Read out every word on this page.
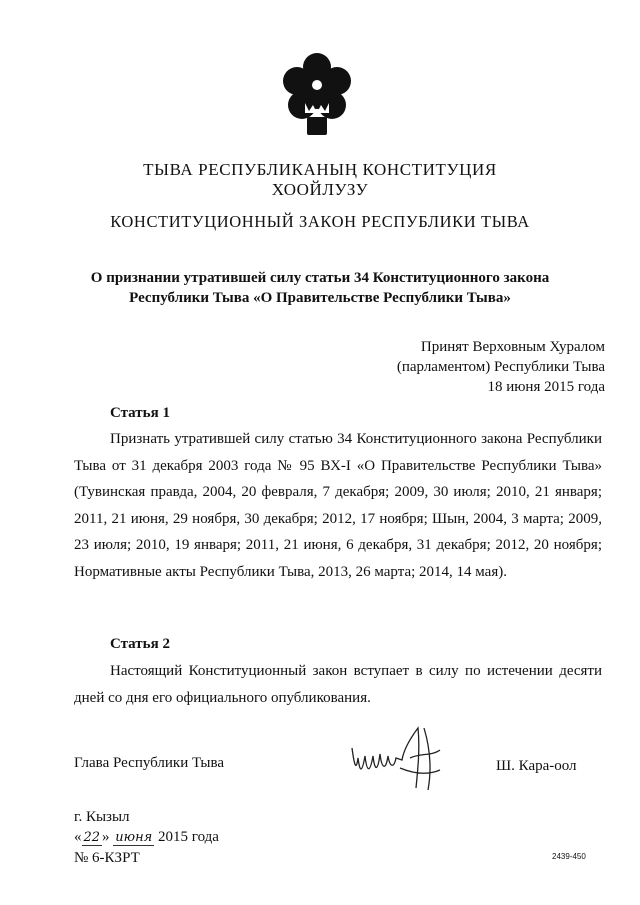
ТЫВА РЕСПУБЛИКАНЫҢ КОНСТИТУЦИЯ
ХООЙЛУЗУ
КОНСТИТУЦИОННЫЙ ЗАКОН РЕСПУБЛИКИ ТЫВА
О признании утратившей силу статьи 34 Конституционного закона
Республики Тыва «О Правительстве Республики Тыва»
Принят Верховным Хуралом
(парламентом) Республики Тыва
18 июня 2015 года
Статья 1
Признать утратившей силу статью 34 Конституционного закона Республики Тыва от 31 декабря 2003 года № 95 ВХ-I «О Правительстве Республики Тыва» (Тувинская правда, 2004, 20 февраля, 7 декабря; 2009, 30 июля; 2010, 21 января; 2011, 21 июня, 29 ноября, 30 декабря; 2012, 17 ноября; Шын, 2004, 3 марта; 2009, 23 июля; 2010, 19 января; 2011, 21 июня, 6 декабря, 31 декабря; 2012, 20 ноября; Нормативные акты Республики Тыва, 2013, 26 марта; 2014, 14 мая).
Статья 2
Настоящий Конституционный закон вступает в силу по истечении десяти дней со дня его официального опубликования.
Глава Республики Тыва	Ш. Кара-оол
г. Кызыл
« 22 » июня 2015 года
№ 6-КЗРТ	2439-450
